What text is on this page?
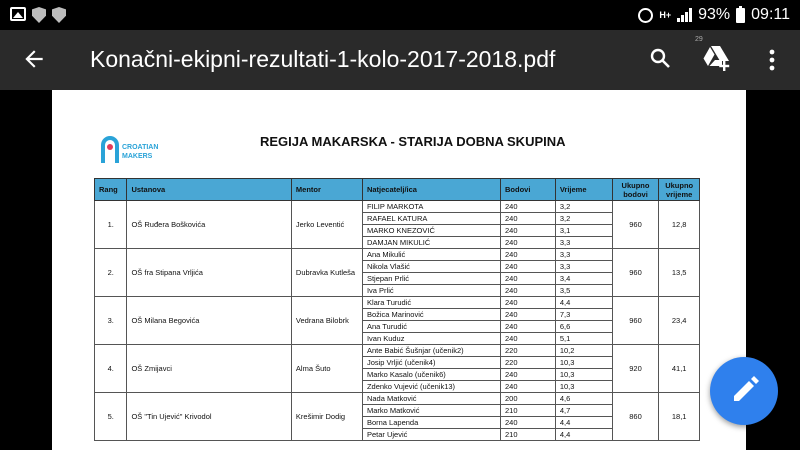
H+ 93% 09:11
Konačni-ekipni-rezultati-1-kolo-2017-2018.pdf
29
CROATIAN
MAKERS
REGIJA MAKARSKA - STARIJA DOBNA SKUPINA
Rang	Ustanova	Mentor	Natjecatelj/ica	Bodovi	Vrijeme	Ukupno bodovi	Ukupno vrijeme
1.	OŠ Ruđera Boškovića	Jerko Leventić	FILIP MARKOTA	240	3,2	960	12,8
			RAFAEL KATURA	240	3,2		
			MARKO KNEZOVIĆ	240	3,1		
			DAMJAN MIKULIĆ	240	3,3		
2.	OŠ fra Stipana Vrljića	Dubravka Kutleša	Ana Mikulić	240	3,3	960	13,5
			Nikola Vlašić	240	3,3		
			Stjepan Prlić	240	3,4		
			Iva Prlić	240	3,5		
3.	OŠ Milana Begovića	Vedrana Bilobrk	Klara Turudić	240	4,4	960	23,4
			Božica Marinović	240	7,3		
			Ana Turudić	240	6,6		
			Ivan Kuduz	240	5,1		
4.	OŠ Zmijavci	Alma Šuto	Ante Babić Šušnjar (učenik2)	220	10,2	920	41,1
			Josip Vrljić (učenik4)	220	10,3		
			Marko Kasalo (učenik6)	240	10,3		
			Zdenko Vujević (učenik13)	240	10,3		
5.	OŠ "Tin Ujević" Krivodol	Krešimir Dodig	Nada Matković	200	4,6	860	18,1
			Marko Matković	210	4,7		
			Borna Lapenda	240	4,4		
			Petar Ujević	210	4,4		
